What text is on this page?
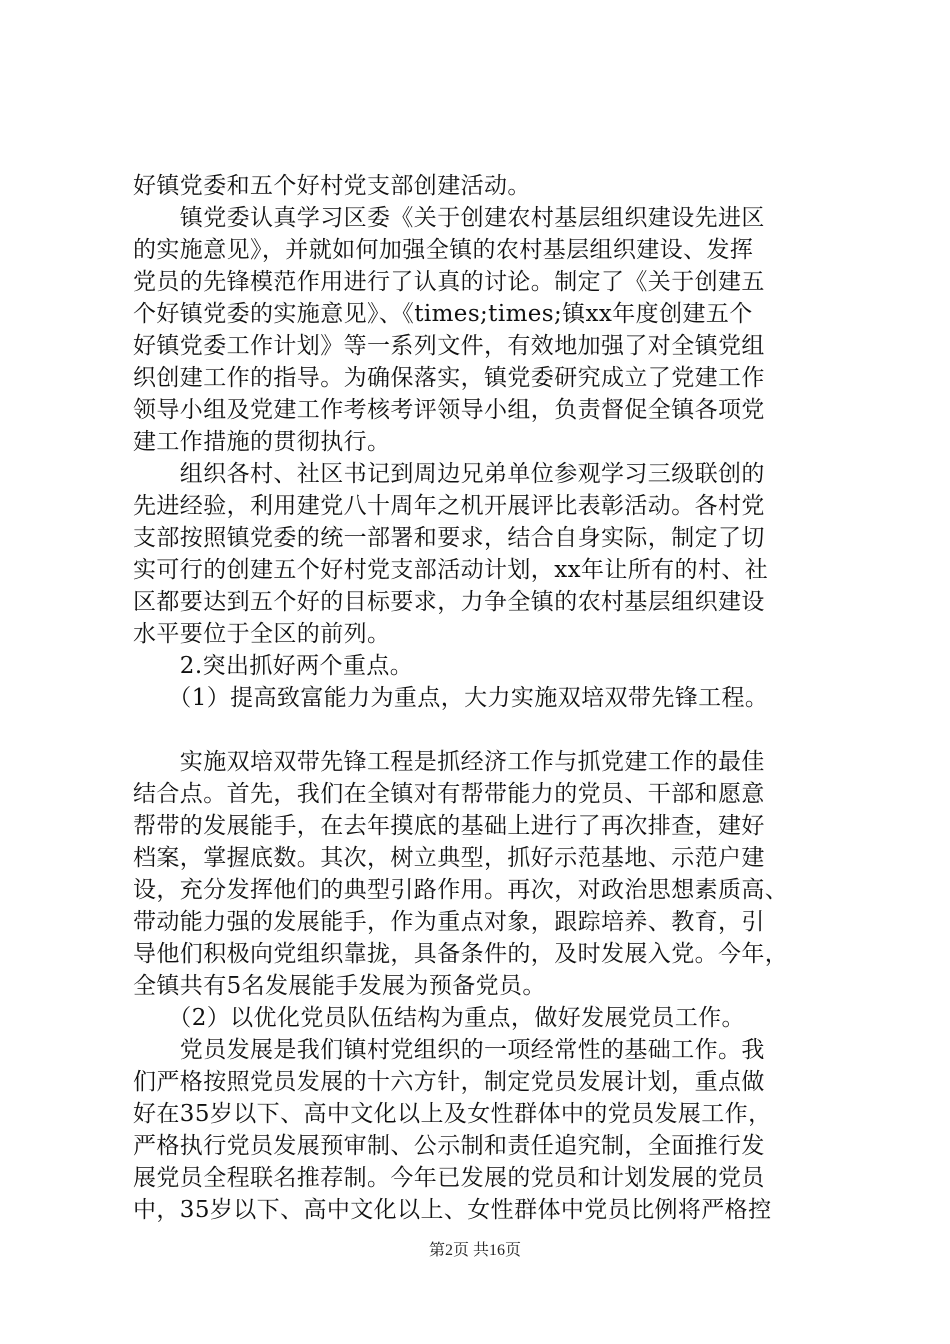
好镇党委和五个好村党支部创建活动。
　　镇党委认真学习区委《关于创建农村基层组织建设先进区
的实施意见》，并就如何加强全镇的农村基层组织建设、发挥
党员的先锋模范作用进行了认真的讨论。制定了《关于创建五
个好镇党委的实施意见》、《times;times;镇xx年度创建五个
好镇党委工作计划》等一系列文件，有效地加强了对全镇党组
织创建工作的指导。为确保落实，镇党委研究成立了党建工作
领导小组及党建工作考核考评领导小组，负责督促全镇各项党
建工作措施的贯彻执行。
　　组织各村、社区书记到周边兄弟单位参观学习三级联创的
先进经验，利用建党八十周年之机开展评比表彰活动。各村党
支部按照镇党委的统一部署和要求，结合自身实际，制定了切
实可行的创建五个好村党支部活动计划，xx年让所有的村、社
区都要达到五个好的目标要求，力争全镇的农村基层组织建设
水平要位于全区的前列。
　　2.突出抓好两个重点。
　　（1）提高致富能力为重点，大力实施双培双带先锋工程。
　　实施双培双带先锋工程是抓经济工作与抓党建工作的最佳
结合点。首先，我们在全镇对有帮带能力的党员、干部和愿意
帮带的发展能手，在去年摸底的基础上进行了再次排查，建好
档案，掌握底数。其次，树立典型，抓好示范基地、示范户建
设，充分发挥他们的典型引路作用。再次，对政治思想素质高、
带动能力强的发展能手，作为重点对象，跟踪培养、教育，引
导他们积极向党组织靠拢，具备条件的，及时发展入党。今年，
全镇共有5名发展能手发展为预备党员。
　　（2）以优化党员队伍结构为重点，做好发展党员工作。
　　党员发展是我们镇村党组织的一项经常性的基础工作。我
们严格按照党员发展的十六方针，制定党员发展计划，重点做
好在35岁以下、高中文化以上及女性群体中的党员发展工作，
严格执行党员发展预审制、公示制和责任追究制，全面推行发
展党员全程联名推荐制。今年已发展的党员和计划发展的党员
中，35岁以下、高中文化以上、女性群体中党员比例将严格控
第2页 共16页
